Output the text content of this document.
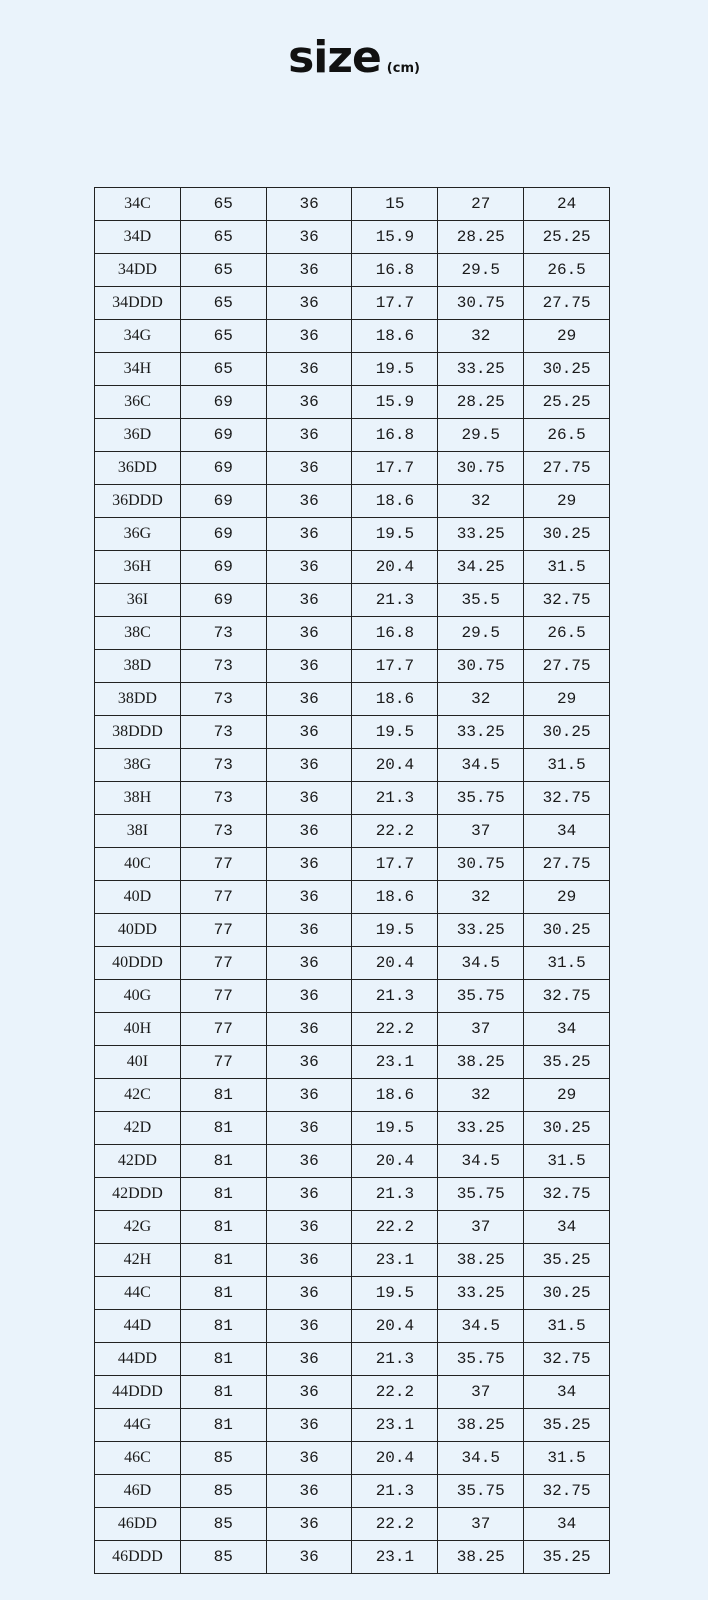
size (cm)
34C	65	36	15	27	24
34D	65	36	15.9	28.25	25.25
34DD	65	36	16.8	29.5	26.5
34DDD	65	36	17.7	30.75	27.75
34G	65	36	18.6	32	29
34H	65	36	19.5	33.25	30.25
36C	69	36	15.9	28.25	25.25
36D	69	36	16.8	29.5	26.5
36DD	69	36	17.7	30.75	27.75
36DDD	69	36	18.6	32	29
36G	69	36	19.5	33.25	30.25
36H	69	36	20.4	34.25	31.5
36I	69	36	21.3	35.5	32.75
38C	73	36	16.8	29.5	26.5
38D	73	36	17.7	30.75	27.75
38DD	73	36	18.6	32	29
38DDD	73	36	19.5	33.25	30.25
38G	73	36	20.4	34.5	31.5
38H	73	36	21.3	35.75	32.75
38I	73	36	22.2	37	34
40C	77	36	17.7	30.75	27.75
40D	77	36	18.6	32	29
40DD	77	36	19.5	33.25	30.25
40DDD	77	36	20.4	34.5	31.5
40G	77	36	21.3	35.75	32.75
40H	77	36	22.2	37	34
40I	77	36	23.1	38.25	35.25
42C	81	36	18.6	32	29
42D	81	36	19.5	33.25	30.25
42DD	81	36	20.4	34.5	31.5
42DDD	81	36	21.3	35.75	32.75
42G	81	36	22.2	37	34
42H	81	36	23.1	38.25	35.25
44C	81	36	19.5	33.25	30.25
44D	81	36	20.4	34.5	31.5
44DD	81	36	21.3	35.75	32.75
44DDD	81	36	22.2	37	34
44G	81	36	23.1	38.25	35.25
46C	85	36	20.4	34.5	31.5
46D	85	36	21.3	35.75	32.75
46DD	85	36	22.2	37	34
46DDD	85	36	23.1	38.25	35.25
